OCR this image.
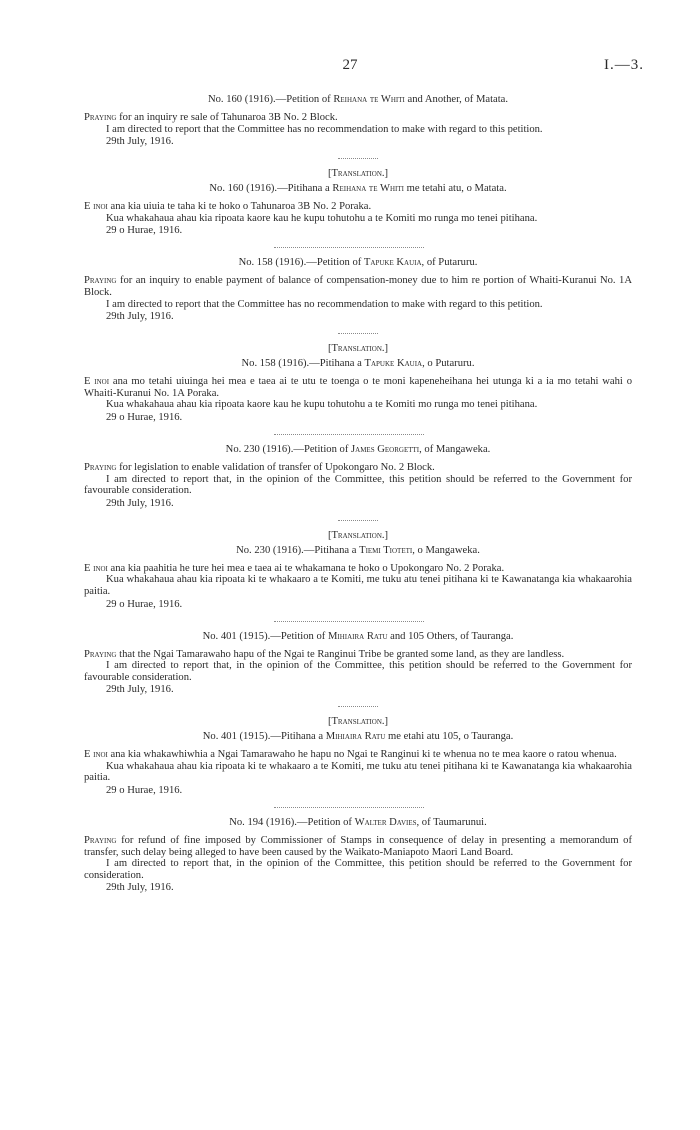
27	I.—3.

No. 160 (1916).—Petition of Reihana te Whiti and Another, of Matata.

Praying for an inquiry re sale of Tahunaroa 3B No. 2 Block.

I am directed to report that the Committee has no recommendation to make with regard to this petition.

29th July, 1916.

[Translation.]

No. 160 (1916).—Pitihana a Reihana te Whiti me tetahi atu, o Matata.

E inoi ana kia uiuia te taha ki te hoko o Tahunaroa 3B No. 2 Poraka.

Kua whakahaua ahau kia ripoata kaore kau he kupu tohutohu a te Komiti mo runga mo tenei pitihana.

29 o Hurae, 1916.

No. 158 (1916).—Petition of Tapuke Kauia, of Putaruru.

Praying for an inquiry to enable payment of balance of compensation-money due to him re portion of Whaiti-Kuranui No. 1A Block.

I am directed to report that the Committee has no recommendation to make with regard to this petition.

29th July, 1916.

[Translation.]

No. 158 (1916).—Pitihana a Tapuke Kauia, o Putaruru.

E inoi ana mo tetahi uiuinga hei mea e taea ai te utu te toenga o te moni kapeneheihana hei utunga ki a ia mo tetahi wahi o Whaiti-Kuranui No. 1A Poraka.

Kua whakahaua ahau kia ripoata kaore kau he kupu tohutohu a te Komiti mo runga mo tenei pitihana.

29 o Hurae, 1916.

No. 230 (1916).—Petition of James Georgetti, of Mangaweka.

Praying for legislation to enable validation of transfer of Upokongaro No. 2 Block.

I am directed to report that, in the opinion of the Committee, this petition should be referred to the Government for favourable consideration.

29th July, 1916.

[Translation.]

No. 230 (1916).—Pitihana a Tiemi Tioteti, o Mangaweka.

E inoi ana kia paahitia he ture hei mea e taea ai te whakamana te hoko o Upokongaro No. 2 Poraka.

Kua whakahaua ahau kia ripoata ki te whakaaro a te Komiti, me tuku atu tenei pitihana ki te Kawanatanga kia whakaarohia paitia.

29 o Hurae, 1916.

No. 401 (1915).—Petition of Mihiaira Ratu and 105 Others, of Tauranga.

Praying that the Ngai Tamarawaho hapu of the Ngai te Ranginui Tribe be granted some land, as they are landless.

I am directed to report that, in the opinion of the Committee, this petition should be referred to the Government for favourable consideration.

29th July, 1916.

[Translation.]

No. 401 (1915).—Pitihana a Mihiaira Ratu me etahi atu 105, o Tauranga.

E inoi ana kia whakawhiwhia a Ngai Tamarawaho he hapu no Ngai te Ranginui ki te whenua no te mea kaore o ratou whenua.

Kua whakahaua ahau kia ripoata ki te whakaaro a te Komiti, me tuku atu tenei pitihana ki te Kawanatanga kia whakaarohia paitia.

29 o Hurae, 1916.

No. 194 (1916).—Petition of Walter Davies, of Taumarunui.

Praying for refund of fine imposed by Commissioner of Stamps in consequence of delay in presenting a memorandum of transfer, such delay being alleged to have been caused by the Waikato-Maniapoto Maori Land Board.

I am directed to report that, in the opinion of the Committee, this petition should be referred to the Government for consideration.

29th July, 1916.
